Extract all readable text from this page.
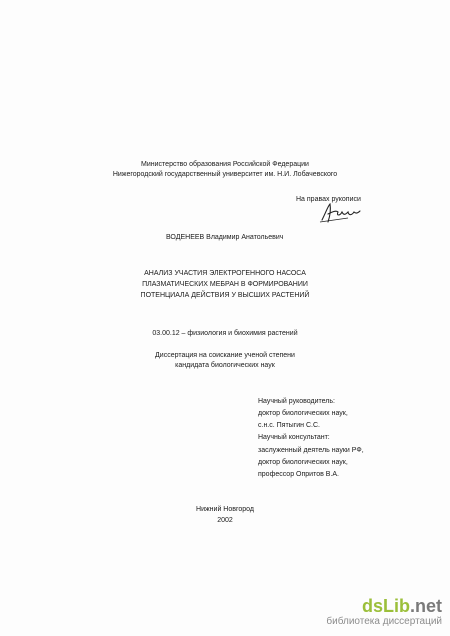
Министерство образования Российской Федерации
Нижегородский государственный университет им. Н.И. Лобачевского
На правах рукописи
ВОДЕНЕЕВ Владимир Анатольевич
АНАЛИЗ УЧАСТИЯ ЭЛЕКТРОГЕННОГО НАСОСА
ПЛАЗМАТИЧЕСКИХ МЕБРАН В ФОРМИРОВАНИИ
ПОТЕНЦИАЛА ДЕЙСТВИЯ У ВЫСШИХ РАСТЕНИЙ
03.00.12 – физиология и биохимия растений
Диссертация на соискание ученой степени
кандидата биологических наук
Научный руководитель:
доктор биологических наук,
с.н.с. Пятыгин С.С.
Научный консультант:
заслуженный деятель науки РФ,
доктор биологических наук,
профессор Опритов В.А.
Нижний Новгород
2002
dsLib.net
библиотека диссертаций
